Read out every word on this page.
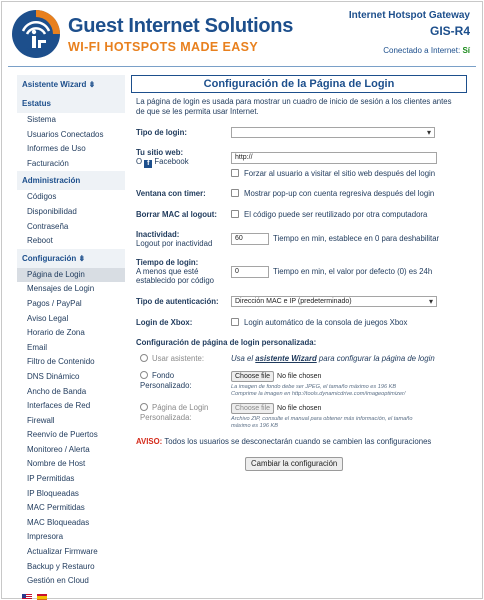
Guest Internet Solutions
WI-FI HOTSPOTS MADE EASY
Internet Hotspot Gateway
GIS-R4
Conectado a Internet: Sí
Asistente Wizard ⇟
Estatus
Sistema
Usuarios Conectados
Informes de Uso
Facturación
Administración
Códigos
Disponibilidad
Contraseña
Reboot
Configuración ⇟
Página de Login
Mensajes de Login
Pagos / PayPal
Aviso Legal
Horario de Zona
Email
Filtro de Contenido
DNS Dinámico
Ancho de Banda
Interfaces de Red
Firewall
Reenvío de Puertos
Monitoreo / Alerta
Nombre de Host
IP Permitidas
IP Bloqueadas
MAC Permitidas
MAC Bloqueadas
Impresora
Actualizar Firmware
Backup y Restauro
Gestión en Cloud

Configuración de la Página de Login
La página de login es usada para mostrar un cuadro de inicio de sesión a los clientes antes de que se les permita usar Internet.
Tipo de login:
▾
Tu sitio web:
O f Facebook	http://
Forzar al usuario a visitar el sitio web después del login
Ventana con timer:	Mostrar pop-up con cuenta regresiva después del login
Borrar MAC al logout:	El código puede ser reutilizado por otra computadora
Inactividad:
Logout por inactividad
60	Tiempo en min, establece en 0 para deshabilitar
Tiempo de login:
A menos que esté establecido por código
0	Tiempo en min, el valor por defecto (0) es 24h
Tipo de autenticación:	Dirección MAC e IP (predeterminado) ▾
Login de Xbox:	Login automático de la consola de juegos Xbox
Configuración de página de login personalizada:
Usar asistente:	Usa el asistente Wizard para configurar la página de login
Fondo Personalizado:
Choose file No file chosen
La imagen de fondo debe ser JPEG, el tamaño máximo es 196 KB
Comprime la imagen en http://tools.dynamicdrive.com/imageoptimizer/
Página de Login Personalizada:
Choose file No file chosen
Archivo ZIP, consulte el manual para obtener más información, el tamaño máximo es 196 KB
AVISO: Todos los usuarios se desconectarán cuando se cambien las configuraciones
Cambiar la configuración
